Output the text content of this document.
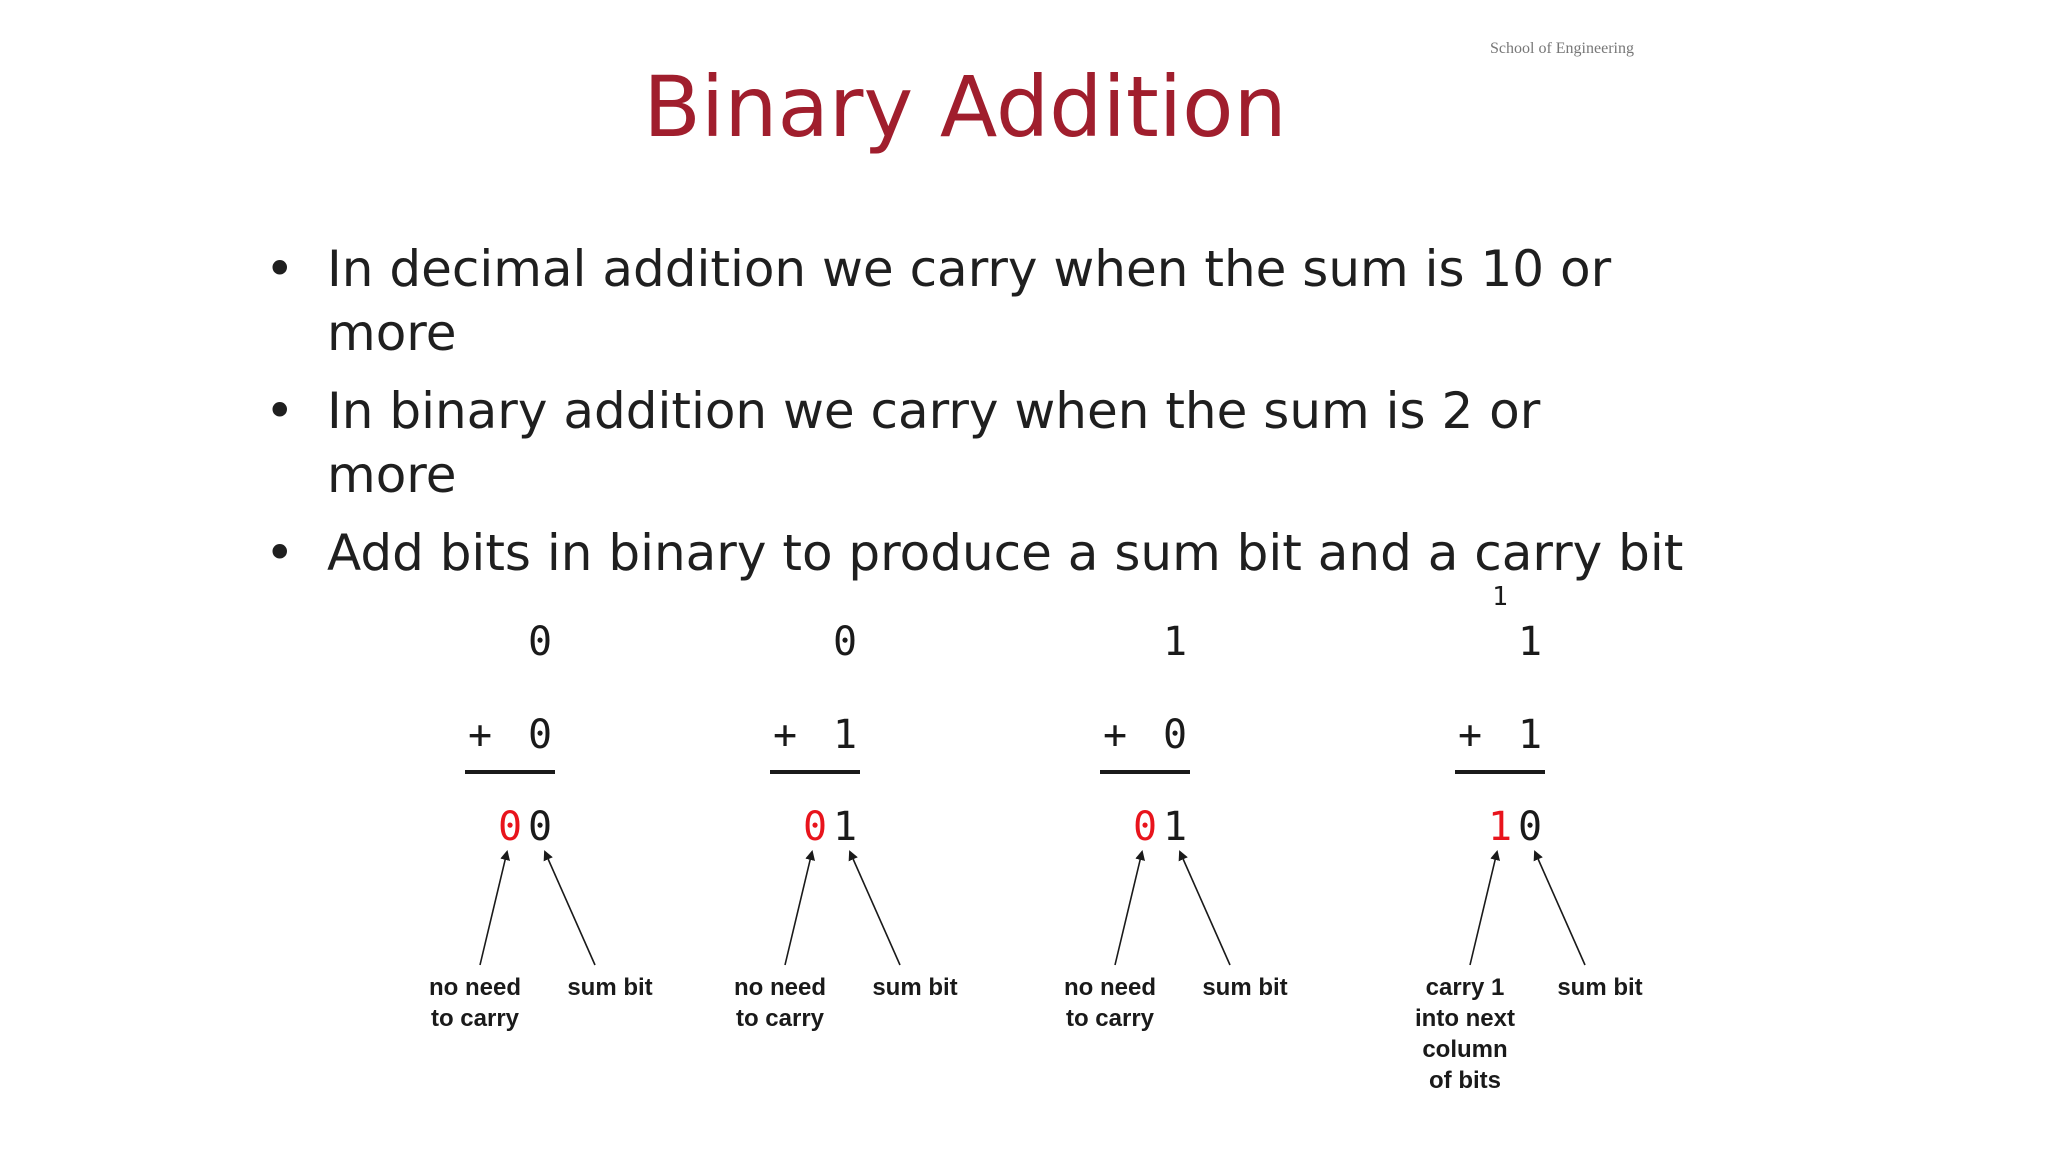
School of Engineering
Binary Addition
• In decimal addition we carry when the sum is 10 or more
• In binary addition we carry when the sum is 2 or more
• Add bits in binary to produce a sum bit and a carry bit
0
+ 0
0 0
no need
to carry
sum bit
0
+ 1
0 1
no need
to carry
sum bit
1
+ 0
0 1
no need
to carry
sum bit
1
1
+ 1
1 0
carry 1
into next
column
of bits
sum bit
